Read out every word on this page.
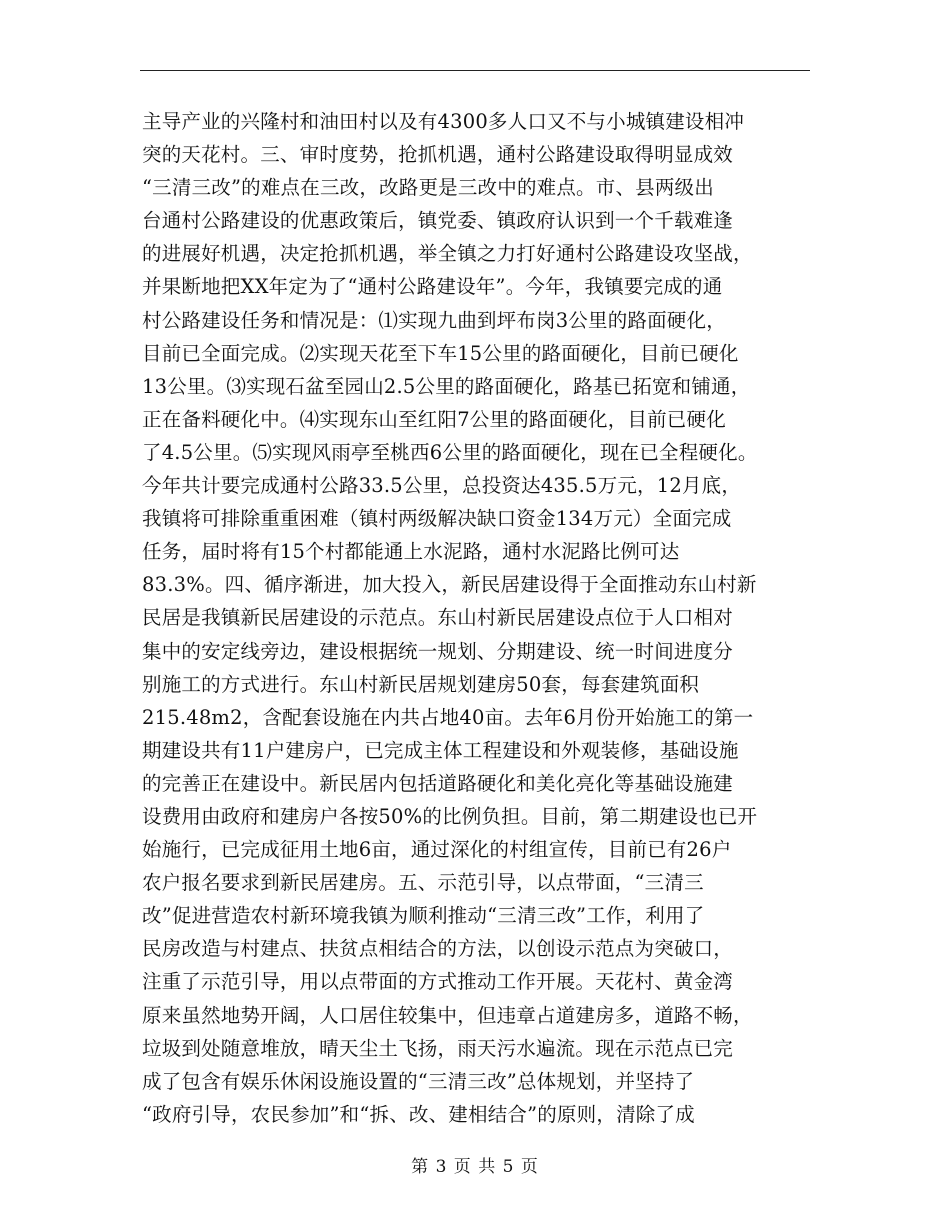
主导产业的兴隆村和油田村以及有4300多人口又不与小城镇建设相冲
突的天花村。三、审时度势，抢抓机遇，通村公路建设取得明显成效
“三清三改”的难点在三改，改路更是三改中的难点。市、县两级出
台通村公路建设的优惠政策后，镇党委、镇政府认识到一个千载难逢
的进展好机遇，决定抢抓机遇，举全镇之力打好通村公路建设攻坚战，
并果断地把XX年定为了“通村公路建设年”。今年，我镇要完成的通
村公路建设任务和情况是：⑴实现九曲到坪布岗3公里的路面硬化，
目前已全面完成。⑵实现天花至下车15公里的路面硬化，目前已硬化
13公里。⑶实现石盆至园山2.5公里的路面硬化，路基已拓宽和铺通，
正在备料硬化中。⑷实现东山至红阳7公里的路面硬化，目前已硬化
了4.5公里。⑸实现风雨亭至桃西6公里的路面硬化，现在已全程硬化。
今年共计要完成通村公路33.5公里，总投资达435.5万元，12月底，
我镇将可排除重重困难（镇村两级解决缺口资金134万元）全面完成
任务，届时将有15个村都能通上水泥路，通村水泥路比例可达
83.3%。四、循序渐进，加大投入，新民居建设得于全面推动东山村新
民居是我镇新民居建设的示范点。东山村新民居建设点位于人口相对
集中的安定线旁边，建设根据统一规划、分期建设、统一时间进度分
别施工的方式进行。东山村新民居规划建房50套，每套建筑面积
215.48m2，含配套设施在内共占地40亩。去年6月份开始施工的第一
期建设共有11户建房户，已完成主体工程建设和外观装修，基础设施
的完善正在建设中。新民居内包括道路硬化和美化亮化等基础设施建
设费用由政府和建房户各按50%的比例负担。目前，第二期建设也已开
始施行，已完成征用土地6亩，通过深化的村组宣传，目前已有26户
农户报名要求到新民居建房。五、示范引导，以点带面，“三清三
改”促进营造农村新环境我镇为顺利推动“三清三改”工作，利用了
民房改造与村建点、扶贫点相结合的方法，以创设示范点为突破口，
注重了示范引导，用以点带面的方式推动工作开展。天花村、黄金湾
原来虽然地势开阔，人口居住较集中，但违章占道建房多，道路不畅，
垃圾到处随意堆放，晴天尘土飞扬，雨天污水遍流。现在示范点已完
成了包含有娱乐休闲设施设置的“三清三改”总体规划，并坚持了
“政府引导，农民参加”和“拆、改、建相结合”的原则，清除了成
第 3 页 共 5 页
